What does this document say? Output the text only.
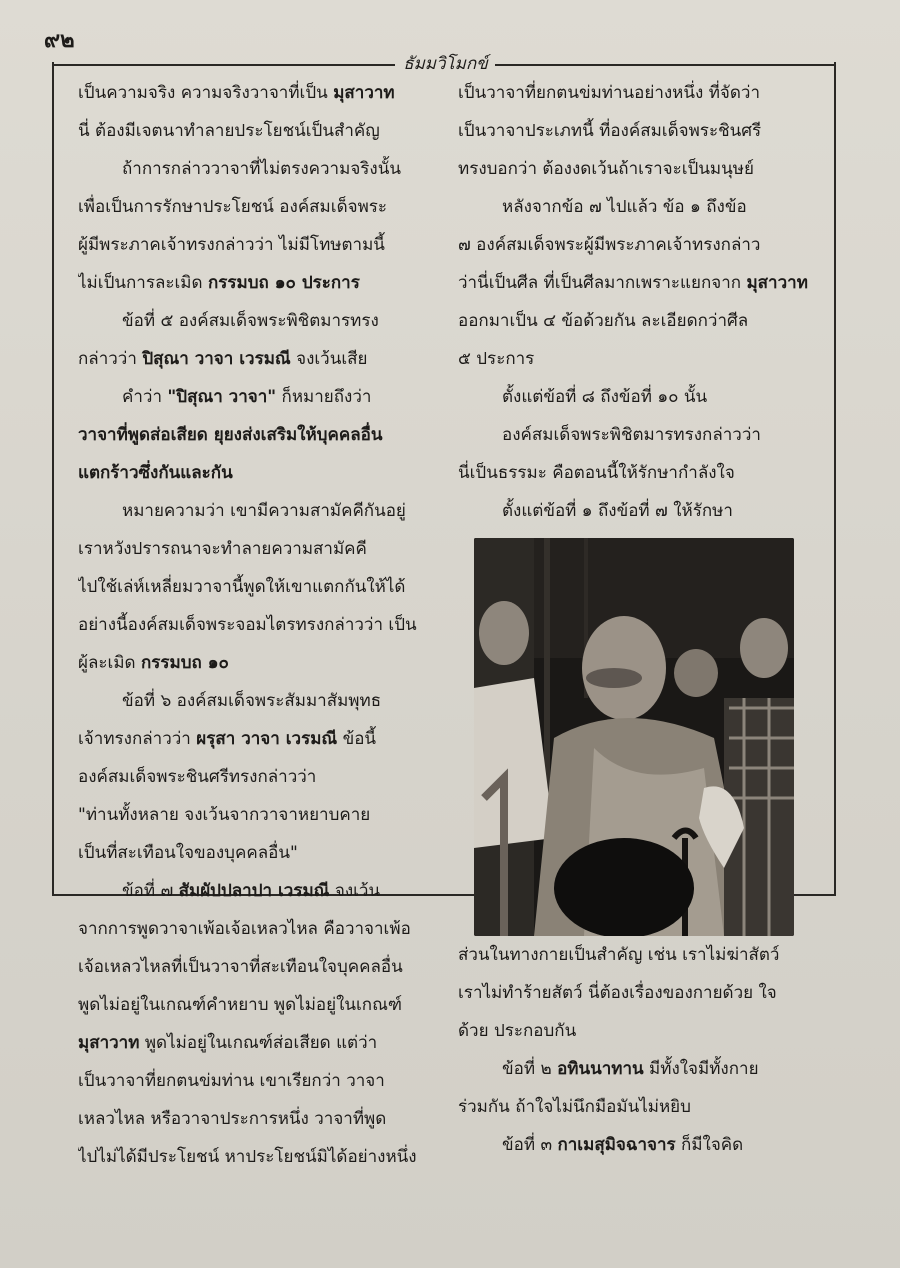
๙๒
ธัมมวิโมกข์
เป็นความจริง ความจริงวาจาที่เป็น มุสาวาท
นี่ ต้องมีเจตนาทำลายประโยชน์เป็นสำคัญ
ถ้าการกล่าววาจาที่ไม่ตรงความจริงนั้น
เพื่อเป็นการรักษาประโยชน์ องค์สมเด็จพระ
ผู้มีพระภาคเจ้าทรงกล่าวว่า ไม่มีโทษตามนี้
ไม่เป็นการละเมิด กรรมบถ ๑๐ ประการ
ข้อที่ ๕ องค์สมเด็จพระพิชิตมารทรง
กล่าวว่า ปิสุณา วาจา เวรมณี จงเว้นเสีย
คำว่า "ปิสุณา วาจา" ก็หมายถึงว่า
วาจาที่พูดส่อเสียด ยุยงส่งเสริมให้บุคคลอื่น
แตกร้าวซึ่งกันและกัน
หมายความว่า เขามีความสามัคคีกันอยู่
เราหวังปรารถนาจะทำลายความสามัคคี
ไปใช้เล่ห์เหลี่ยมวาจานี้พูดให้เขาแตกกันให้ได้
อย่างนี้องค์สมเด็จพระจอมไตรทรงกล่าวว่า เป็น
ผู้ละเมิด กรรมบถ ๑๐
ข้อที่ ๖ องค์สมเด็จพระสัมมาสัมพุทธ
เจ้าทรงกล่าวว่า ผรุสา วาจา เวรมณี ข้อนี้
องค์สมเด็จพระชินศรีทรงกล่าวว่า
"ท่านทั้งหลาย จงเว้นจากวาจาหยาบคาย
เป็นที่สะเทือนใจของบุคคลอื่น"
ข้อที่ ๗ สัมผัปปลาปา เวรมณี จงเว้น
จากการพูดวาจาเพ้อเจ้อเหลวไหล คือวาจาเพ้อ
เจ้อเหลวไหลที่เป็นวาจาที่สะเทือนใจบุคคลอื่น
พูดไม่อยู่ในเกณฑ์คำหยาบ พูดไม่อยู่ในเกณฑ์
มุสาวาท พูดไม่อยู่ในเกณฑ์ส่อเสียด แต่ว่า
เป็นวาจาที่ยกตนข่มท่าน เขาเรียกว่า วาจา
เหลวไหล หรือวาจาประการหนึ่ง วาจาที่พูด
ไปไม่ได้มีประโยชน์ หาประโยชน์มิได้อย่างหนึ่ง
เป็นวาจาที่ยกตนข่มท่านอย่างหนึ่ง ที่จัดว่า
เป็นวาจาประเภทนี้ ที่องค์สมเด็จพระชินศรี
ทรงบอกว่า ต้องงดเว้นถ้าเราจะเป็นมนุษย์
หลังจากข้อ ๗ ไปแล้ว ข้อ ๑ ถึงข้อ
๗ องค์สมเด็จพระผู้มีพระภาคเจ้าทรงกล่าว
ว่านี่เป็นศีล ที่เป็นศีลมากเพราะแยกจาก มุสาวาท
ออกมาเป็น ๔ ข้อด้วยกัน ละเอียดกว่าศีล
๕ ประการ
ตั้งแต่ข้อที่ ๘ ถึงข้อที่ ๑๐ นั้น
องค์สมเด็จพระพิชิตมารทรงกล่าวว่า
นี่เป็นธรรมะ คือตอนนี้ให้รักษากำลังใจ
ตั้งแต่ข้อที่ ๑ ถึงข้อที่ ๗ ให้รักษา
ส่วนในทางกายเป็นสำคัญ เช่น เราไม่ฆ่าสัตว์
เราไม่ทำร้ายสัตว์ นี่ต้องเรื่องของกายด้วย ใจ
ด้วย ประกอบกัน
ข้อที่ ๒ อทินนาทาน มีทั้งใจมีทั้งกาย
ร่วมกัน ถ้าใจไม่นึกมือมันไม่หยิบ
ข้อที่ ๓ กาเมสุมิจฉาจาร ก็มีใจคิด
